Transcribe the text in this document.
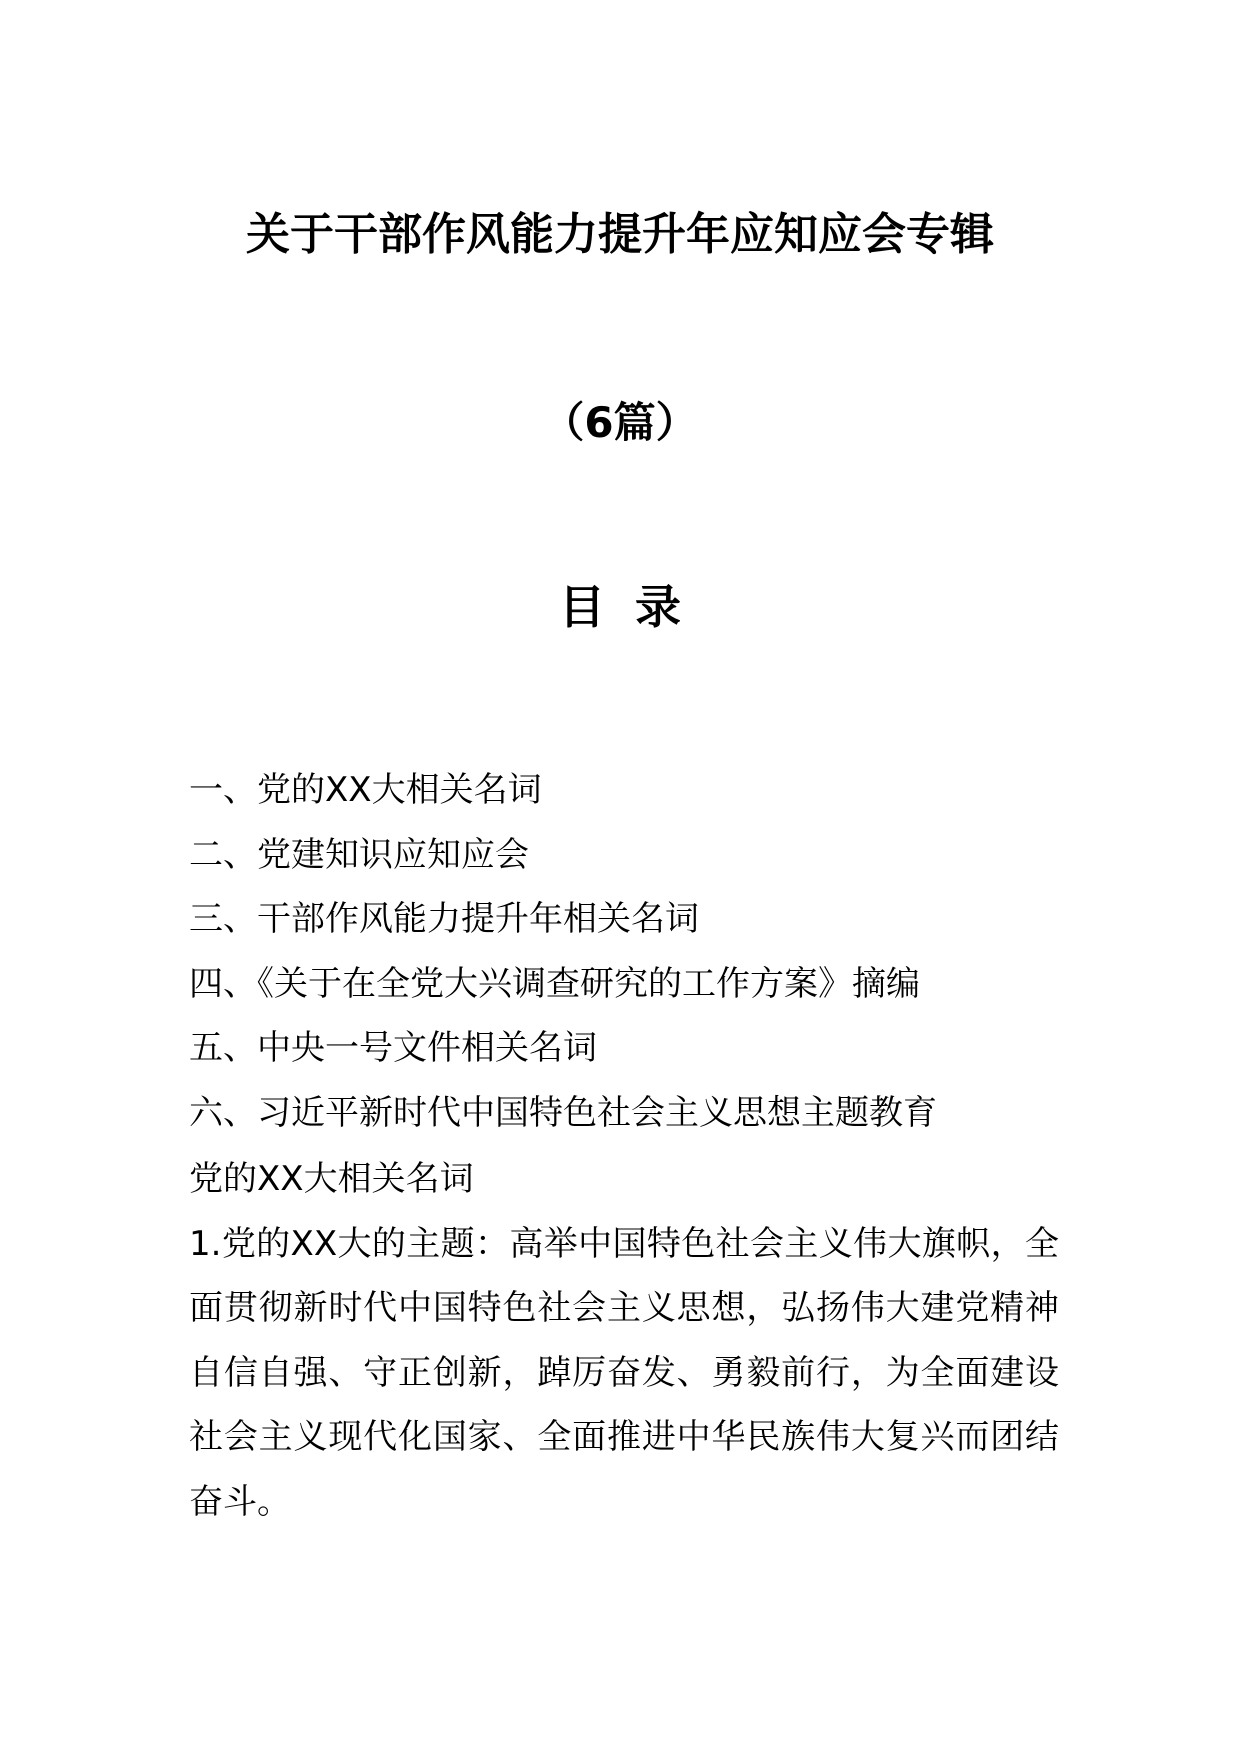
关于干部作风能力提升年应知应会专辑
（6篇）
目录
一、党的XX大相关名词
二、党建知识应知应会
三、干部作风能力提升年相关名词
四、《关于在全党大兴调查研究的工作方案》摘编
五、中央一号文件相关名词
六、习近平新时代中国特色社会主义思想主题教育

党的XX大相关名词

1.党的XX大的主题：高举中国特色社会主义伟大旗帜，全面贯彻新时代中国特色社会主义思想，弘扬伟大建党精神自信自强、守正创新，踔厉奋发、勇毅前行，为全面建设社会主义现代化国家、全面推进中华民族伟大复兴而团结奋斗。
